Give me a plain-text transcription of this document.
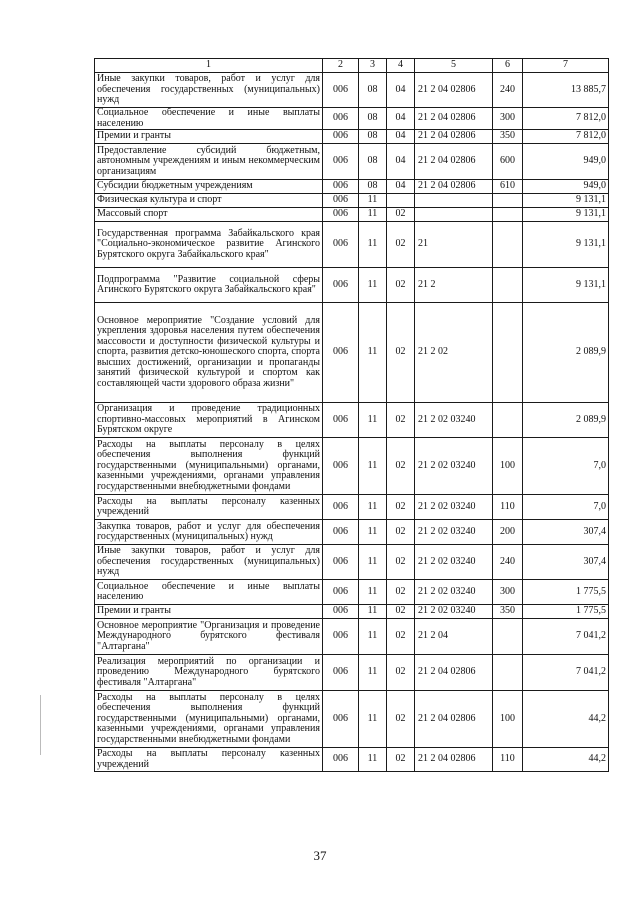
1	2	3	4	5	6	7
Иные закупки товаров, работ и услуг для обеспечения государственных (муниципальных) нужд	006	08	04	21 2 04 02806	240	13 885,7
Социальное обеспечение и иные выплаты населению	006	08	04	21 2 04 02806	300	7 812,0
Премии и гранты	006	08	04	21 2 04 02806	350	7 812,0
Предоставление субсидий бюджетным, автономным учреждениям и иным некоммерческим организациям	006	08	04	21 2 04 02806	600	949,0
Субсидии бюджетным учреждениям	006	08	04	21 2 04 02806	610	949,0
Физическая культура и спорт	006	11				9 131,1
Массовый спорт	006	11	02			9 131,1
Государственная программа Забайкальского края "Социально-экономическое развитие Агинского Бурятского округа Забайкальского края"	006	11	02	21		9 131,1
Подпрограмма "Развитие социальной сферы Агинского Бурятского округа Забайкальского края"	006	11	02	21 2		9 131,1
Основное мероприятие "Создание условий для укрепления здоровья населения путем обеспечения массовости и доступности физической культуры и спорта, развития детско-юношеского спорта, спорта высших достижений, организации и пропаганды занятий физической культурой и спортом как составляющей части здорового образа жизни"	006	11	02	21 2 02		2 089,9
Организация и проведение традиционных спортивно-массовых мероприятий в Агинском Бурятском округе	006	11	02	21 2 02 03240		2 089,9
Расходы на выплаты персоналу в целях обеспечения выполнения функций государственными (муниципальными) органами, казенными учреждениями, органами управления государственными внебюджетными фондами	006	11	02	21 2 02 03240	100	7,0
Расходы на выплаты персоналу казенных учреждений	006	11	02	21 2 02 03240	110	7,0
Закупка товаров, работ и услуг для обеспечения государственных (муниципальных) нужд	006	11	02	21 2 02 03240	200	307,4
Иные закупки товаров, работ и услуг для обеспечения государственных (муниципальных) нужд	006	11	02	21 2 02 03240	240	307,4
Социальное обеспечение и иные выплаты населению	006	11	02	21 2 02 03240	300	1 775,5
Премии и гранты	006	11	02	21 2 02 03240	350	1 775,5
Основное мероприятие "Организация и проведение Международного бурятского фестиваля "Алтаргана"	006	11	02	21 2 04		7 041,2
Реализация мероприятий по организации и проведению Международного бурятского фестиваля "Алтаргана"	006	11	02	21 2 04 02806		7 041,2
Расходы на выплаты персоналу в целях обеспечения выполнения функций государственными (муниципальными) органами, казенными учреждениями, органами управления государственными внебюджетными фондами	006	11	02	21 2 04 02806	100	44,2
Расходы на выплаты персоналу казенных учреждений	006	11	02	21 2 04 02806	110	44,2
37
